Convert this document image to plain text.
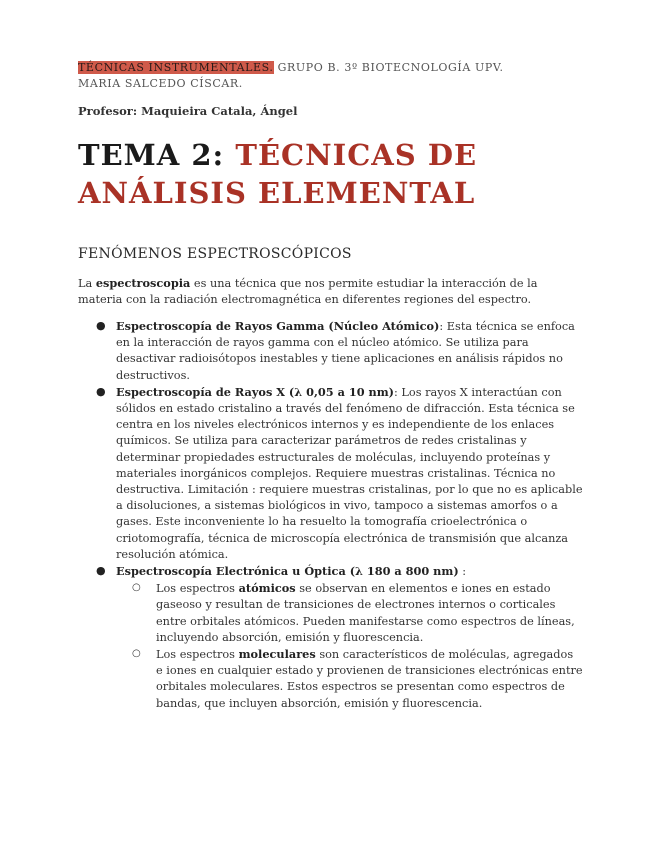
TÉCNICAS INSTRUMENTALES. GRUPO B. 3º BIOTECNOLOGÍA UPV.
MARIA SALCEDO CÍSCAR.
Profesor: Maquieira Catala, Ángel
TEMA 2: TÉCNICAS DE
ANÁLISIS ELEMENTAL
FENÓMENOS ESPECTROSCÓPICOS

La espectroscopia es una técnica que nos permite estudiar la interacción de la materia con la radiación electromagnética en diferentes regiones del espectro.

● Espectroscopía de Rayos Gamma (Núcleo Atómico): Esta técnica se enfoca en la interacción de rayos gamma con el núcleo atómico. Se utiliza para desactivar radioisótopos inestables y tiene aplicaciones en análisis rápidos no destructivos.
● Espectroscopía de Rayos X (λ 0,05 a 10 nm): Los rayos X interactúan con sólidos en estado cristalino a través del fenómeno de difracción. Esta técnica se centra en los niveles electrónicos internos y es independiente de los enlaces químicos. Se utiliza para caracterizar parámetros de redes cristalinas y determinar propiedades estructurales de moléculas, incluyendo proteínas y materiales inorgánicos complejos. Requiere muestras cristalinas. Técnica no destructiva. Limitación : requiere muestras cristalinas, por lo que no es aplicable a disoluciones, a sistemas biológicos in vivo, tampoco a sistemas amorfos o a gases. Este inconveniente lo ha resuelto la tomografía crioelectrónica o criotomografía, técnica de microscopía electrónica de transmisión que alcanza resolución atómica.
● Espectroscopía Electrónica u Óptica (λ 180 a 800 nm) :
○ Los espectros atómicos se observan en elementos e iones en estado gaseoso y resultan de transiciones de electrones internos o corticales entre orbitales atómicos. Pueden manifestarse como espectros de líneas, incluyendo absorción, emisión y fluorescencia.
○ Los espectros moleculares son característicos de moléculas, agregados e iones en cualquier estado y provienen de transiciones electrónicas entre orbitales moleculares. Estos espectros se presentan como espectros de bandas, que incluyen absorción, emisión y fluorescencia.
